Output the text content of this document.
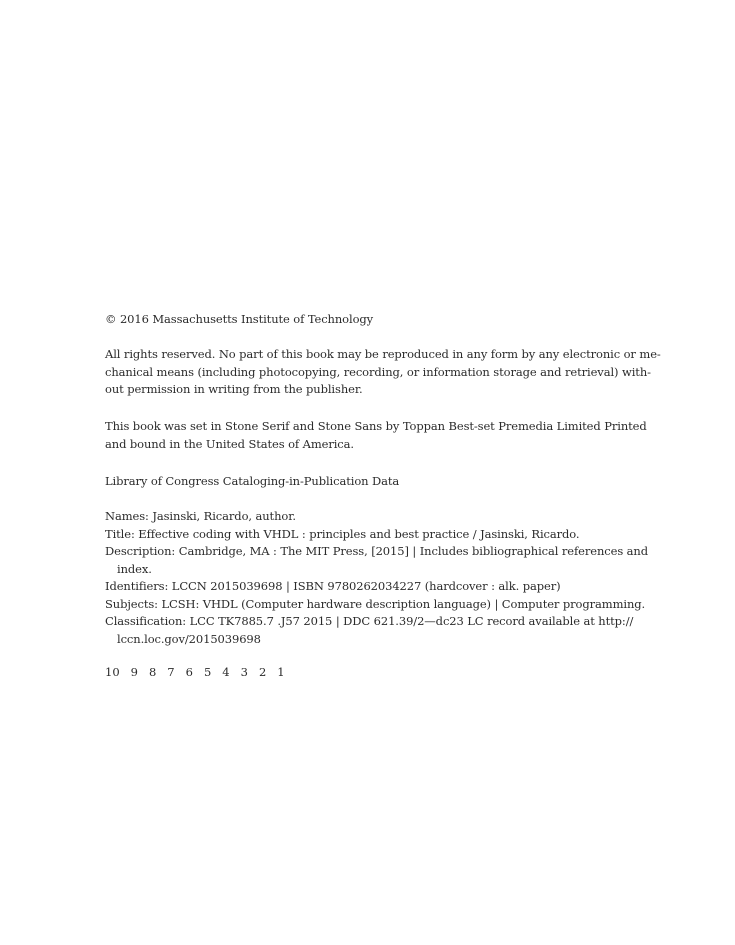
© 2016 Massachusetts Institute of Technology

All rights reserved. No part of this book may be reproduced in any form by any electronic or me-
chanical means (including photocopying, recording, or information storage and retrieval) with-
out permission in writing from the publisher.

This book was set in Stone Serif and Stone Sans by Toppan Best-set Premedia Limited Printed
and bound in the United States of America.

Library of Congress Cataloging-in-Publication Data

Names: Jasinski, Ricardo, author.
Title: Effective coding with VHDL : principles and best practice / Jasinski, Ricardo.
Description: Cambridge, MA : The MIT Press, [2015] | Includes bibliographical references and
index.
Identifiers: LCCN 2015039698 | ISBN 9780262034227 (hardcover : alk. paper)
Subjects: LCSH: VHDL (Computer hardware description language) | Computer programming.
Classification: LCC TK7885.7 .J57 2015 | DDC 621.39/2—dc23 LC record available at http://
lccn.loc.gov/2015039698

10 9 8 7 6 5 4 3 2 1
